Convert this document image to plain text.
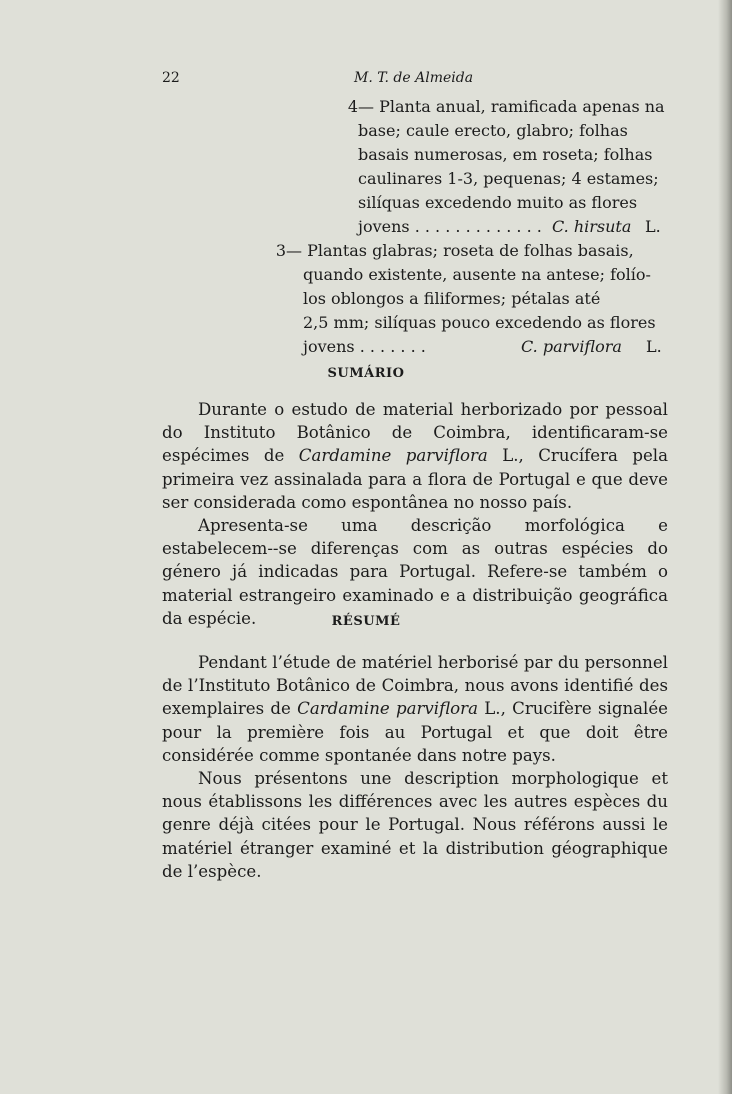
22	M. T. de Almeida
4 — Planta anual, ramificada apenas na
base; caule erecto, glabro; folhas
basais numerosas, em roseta; folhas
caulinares 1-3, pequenas; 4 estames;
silíquas excedendo muito as flores
jovens . . . . . . . . . . . . . C. hirsuta L.
3 — Plantas glabras; roseta de folhas basais,
quando existente, ausente na antese; folío-
los oblongos a filiformes; pétalas até
2,5 mm; silíquas pouco excedendo as flores
jovens . . . . . . .	C. parviflora L.
SUMÁRIO

Durante o estudo de material herborizado por pessoal do Instituto Botânico de Coimbra, identificaram-se espécimes de Cardamine parviflora L., Crucífera pela primeira vez assinalada para a flora de Portugal e que deve ser considerada como espontânea no nosso país.

Apresenta-se uma descrição morfológica e estabelecem--se diferenças com as outras espécies do género já indicadas para Portugal. Refere-se também o material estrangeiro examinado e a distribuição geográfica da espécie.	RÉSUMÉ

Pendant l’étude de matériel herborisé par du personnel de l’Instituto Botânico de Coimbra, nous avons identifié des exemplaires de Cardamine parviflora L., Crucifère signalée pour la première fois au Portugal et que doit être considérée comme spontanée dans notre pays.

Nous présentons une description morphologique et nous établissons les différences avec les autres espèces du genre déjà citées pour le Portugal. Nous référons aussi le matériel étranger examiné et la distribution géographique de l’espèce.
